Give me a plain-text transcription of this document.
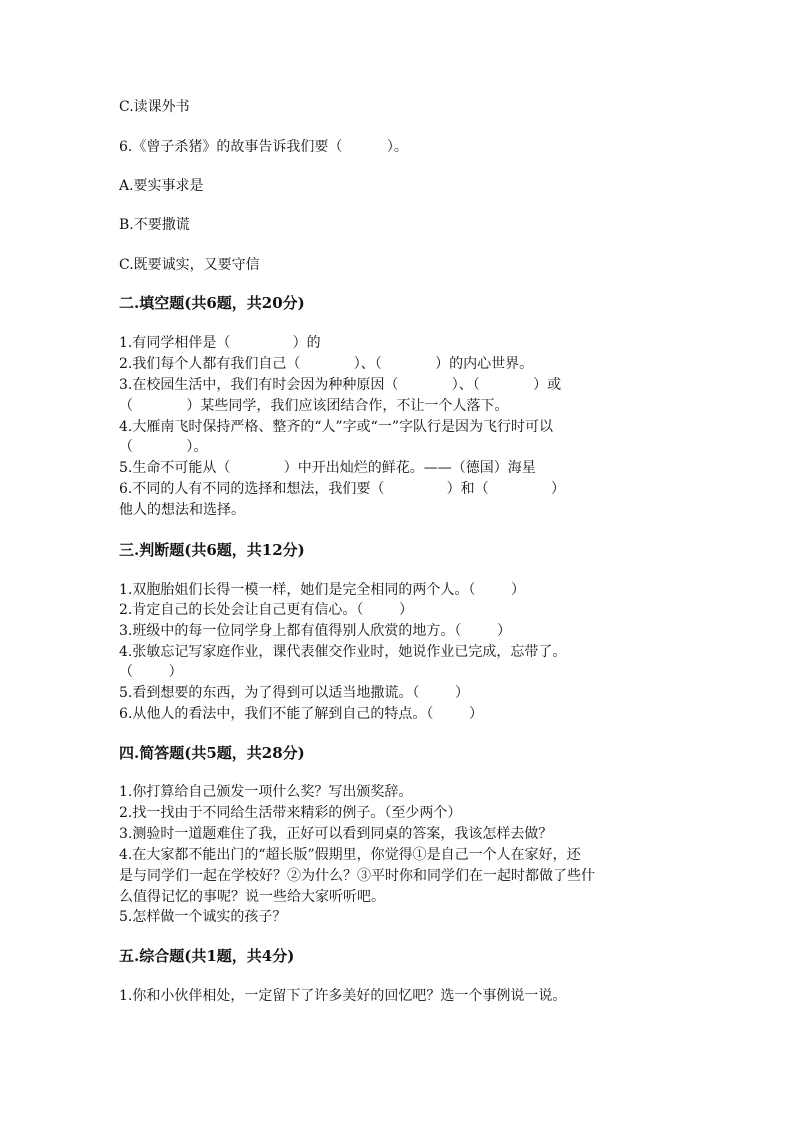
C.读课外书

6.《曾子杀猪》的故事告诉我们要（          ）。

A.要实事求是

B.不要撒谎

C.既要诚实，又要守信

二.填空题(共6题，共20分)

1.有同学相伴是（              ）的

2.我们每个人都有我们自己（            ）、（            ）的内心世界。

3.在校园生活中，我们有时会因为种种原因（            ）、（            ）或

（            ）某些同学，我们应该团结合作，不让一个人落下。

4.大雁南飞时保持严格、整齐的“人”字或“一”字队行是因为飞行时可以

（            ）。

5.生命不可能从（            ）中开出灿烂的鲜花。——（德国）海星

6.不同的人有不同的选择和想法，我们要（              ）和（              ）

他人的想法和选择。

三.判断题(共6题，共12分)

1.双胞胎姐们长得一模一样，她们是完全相同的两个人。（        ）

2.肯定自己的长处会让自己更有信心。（        ）

3.班级中的每一位同学身上都有值得别人欣赏的地方。（        ）

4.张敏忘记写家庭作业，课代表催交作业时，她说作业已完成，忘带了。

（        ）

5.看到想要的东西，为了得到可以适当地撒谎。（        ）

6.从他人的看法中，我们不能了解到自己的特点。（        ）

四.简答题(共5题，共28分)

1.你打算给自己颁发一项什么奖？写出颁奖辞。

2.找一找由于不同给生活带来精彩的例子。（至少两个）

3.测验时一道题难住了我，正好可以看到同桌的答案，我该怎样去做？

4.在大家都不能出门的“超长版”假期里，你觉得①是自己一个人在家好，还

是与同学们一起在学校好？②为什么？③平时你和同学们在一起时都做了些什

么值得记忆的事呢？说一些给大家听听吧。

5.怎样做一个诚实的孩子？

五.综合题(共1题，共4分)

1.你和小伙伴相处，一定留下了许多美好的回忆吧？选一个事例说一说。
